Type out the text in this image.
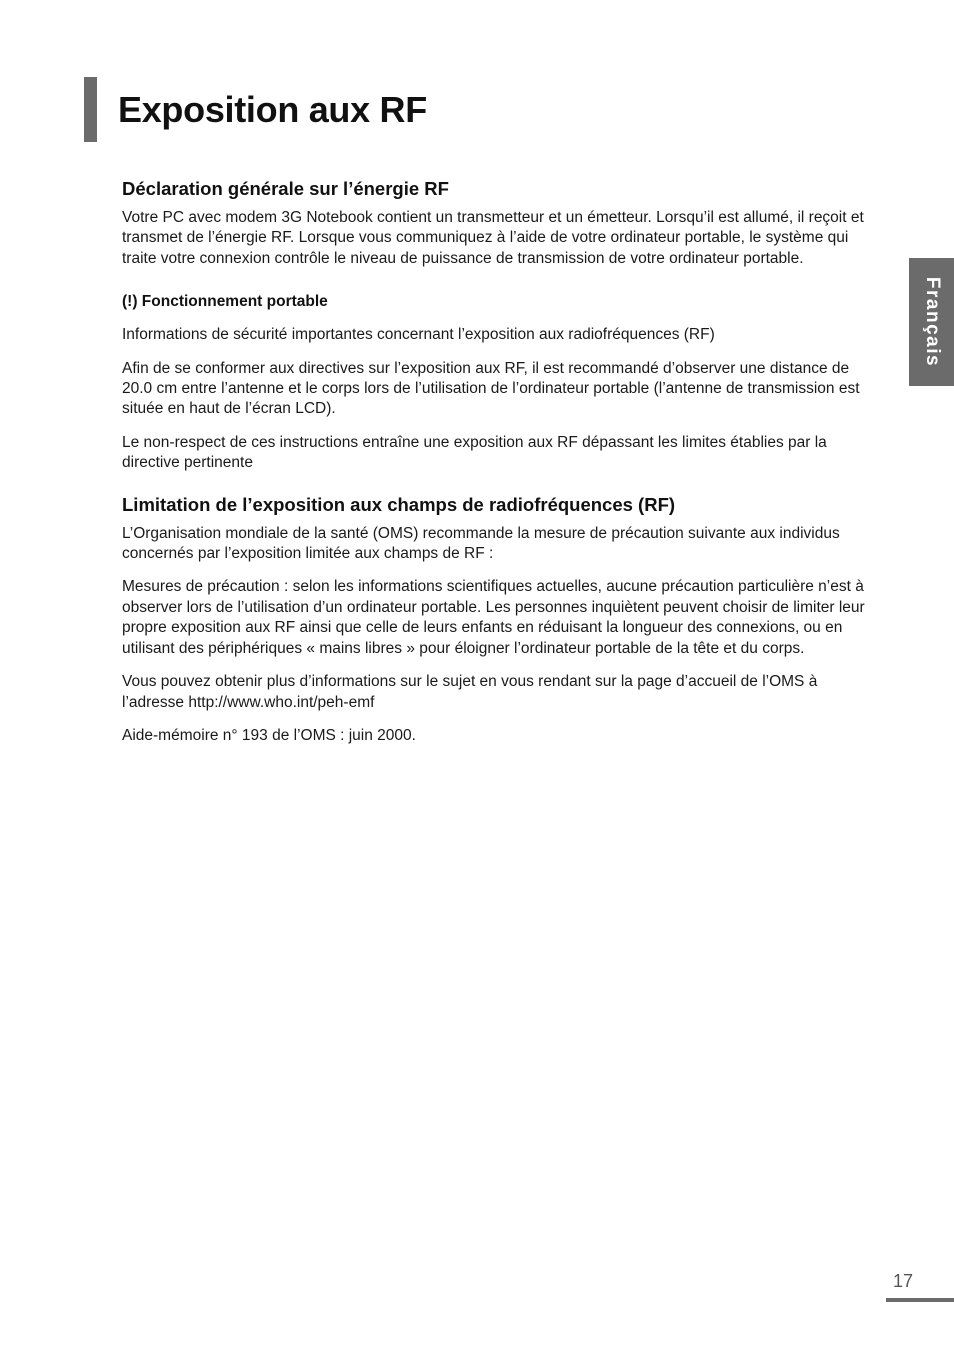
Exposition aux RF
Déclaration générale sur l’énergie RF

Votre PC avec modem 3G Notebook contient un transmetteur et un émetteur. Lorsqu’il est allumé, il reçoit et transmet de l’énergie RF. Lorsque vous communiquez à l’aide de votre ordinateur portable, le système qui traite votre connexion contrôle le niveau de puissance de transmission de votre ordinateur portable.

(!) Fonctionnement portable

Informations de sécurité importantes concernant l’exposition aux radiofréquences (RF)

Afin de se conformer aux directives sur l’exposition aux RF, il est recommandé d’observer une distance de 20.0 cm entre l’antenne et le corps lors de l’utilisation de l’ordinateur portable (l’antenne de transmission est située en haut de l’écran LCD).

Le non-respect de ces instructions entraîne une exposition aux RF dépassant les limites établies par la directive pertinente

Limitation de l’exposition aux champs de radiofréquences (RF)

L’Organisation mondiale de la santé (OMS) recommande la mesure de précaution suivante aux individus concernés par l’exposition limitée aux champs de RF :

Mesures de précaution : selon les informations scientifiques actuelles, aucune précaution particulière n’est à observer lors de l’utilisation d’un ordinateur portable. Les personnes inquiètent peuvent choisir de limiter leur propre exposition aux RF ainsi que celle de leurs enfants en réduisant la longueur des connexions, ou en utilisant des périphériques « mains libres » pour éloigner l’ordinateur portable de la tête et du corps.

Vous pouvez obtenir plus d’informations sur le sujet en vous rendant sur la page d’accueil de l’OMS à l’adresse http://www.who.int/peh-emf

Aide-mémoire n° 193 de l’OMS : juin 2000.

Français
17
